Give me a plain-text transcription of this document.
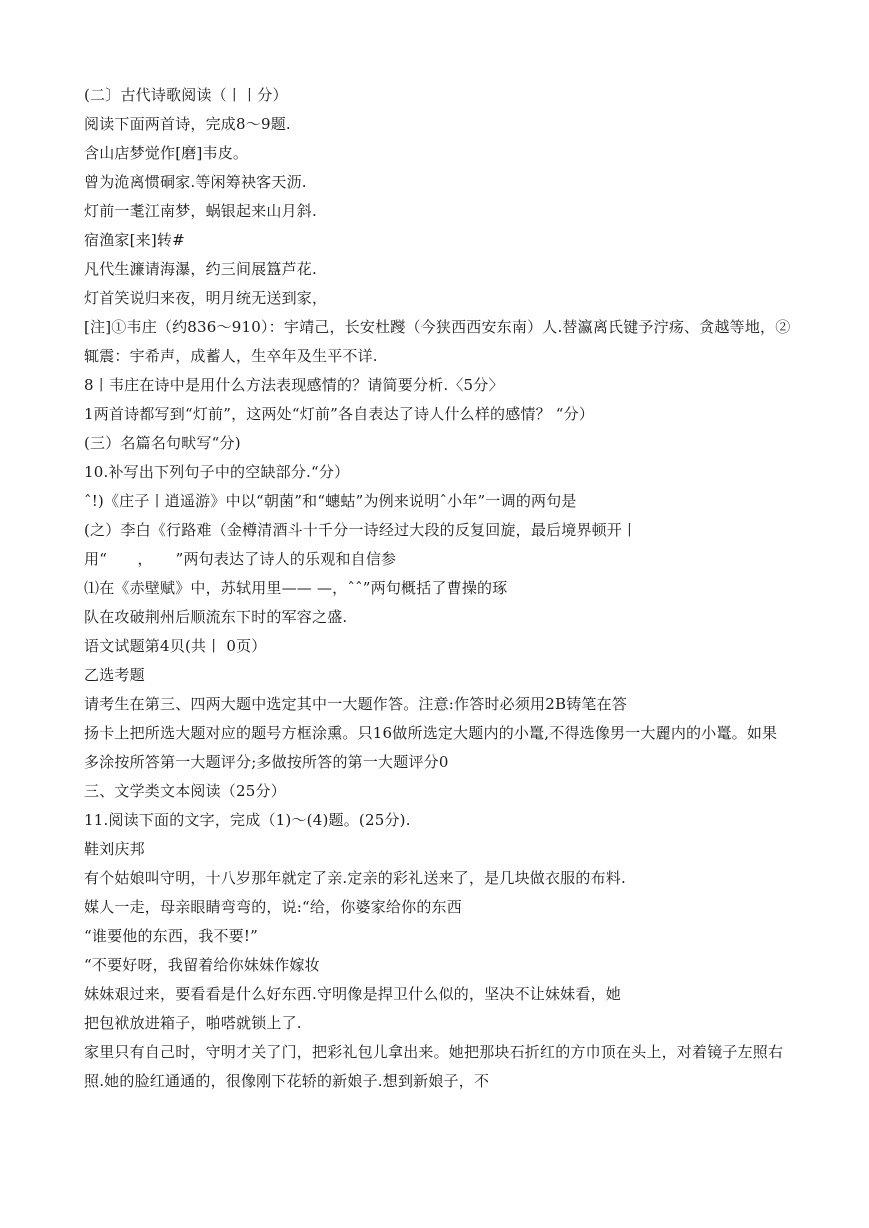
(二〕古代诗歌阅读（丨丨分）
阅读下面两首诗，完成8〜9题.
含山店梦觉作[磨]韦皮。
曾为洈离惯硐家.等闲筹袂客天沥.
灯前一耄江南梦，蜗银起来山月斜.
宿渔家[来]转#
凡代生濂请海瀑，约三间展簋芦花.
灯首笑说归来夜，明月统无送到家，
[注]①韦庄（约836〜910）：宇靖己，长安杜躞（今狭西西安东南）人.替瀛离氏键予泞疡、贪越等地，②
辄震：宇希声，成蓄人，生卒年及生平不详.
8丨韦庄在诗中是用什么方法表现感情的？请简要分析.〈5分〉
1两首诗都写到“灯前”，这两处“灯前”各自表达了诗人什么样的感情？ “分）
(三）名篇名句畎写“分)
10.补写出下列句子中的空缺部分.“分）
ˆ!)《庄子丨逍遥游》中以“朝菌”和“蟪蛄”为例来说明ˆ小年”一调的两句是
(之）李白《行路难（金樽清酒斗十千分一诗经过大段的反复回旋，最后境界顿开丨
用“　　，　　”两句表达了诗人的乐观和自信参
⑴在《赤壁赋》中，苏轼用里—— —，ˆˆ”两句概括了曹操的琢
队在攻破荆州后顺流东下时的军容之盛.
语文试题第4贝(共丨 0页）
乙选考题
请考生在第三、四两大题中选定其中一大题作答。注意:作答时必须用2B铸笔在答
扬卡上把所选大题对应的题号方框涂熏。只16做所选定大题内的小鼍,不得选像男一大麗内的小鼍。如果
多涂按所答第一大题评分;多做按所答的第一大题评分0
三、文学类文本阅读（25分）
11.阅读下面的文字，完成（1)〜(4)题。(25分).
鞋刘庆邦
有个姑娘叫守明，十八岁那年就定了亲.定亲的彩礼送来了，是几块做衣服的布料.
媒人一走，母亲眼睛弯弯的，说:“给，你婆家给你的东西
“谁要他的东西，我不要!”
“不要好呀，我留着给你妹妹作嫁妆
妹妹艰过来，要看看是什么好东西.守明像是捍卫什么似的，坚决不让妹妹看，她
把包袱放进箱子，啪嗒就锁上了.
家里只有自己时，守明才关了门，把彩礼包儿拿出来。她把那块石折红的方巾顶在头上，对着镜子左照右
照.她的脸红通通的，很像刚下花轿的新娘子.想到新娘子，不
